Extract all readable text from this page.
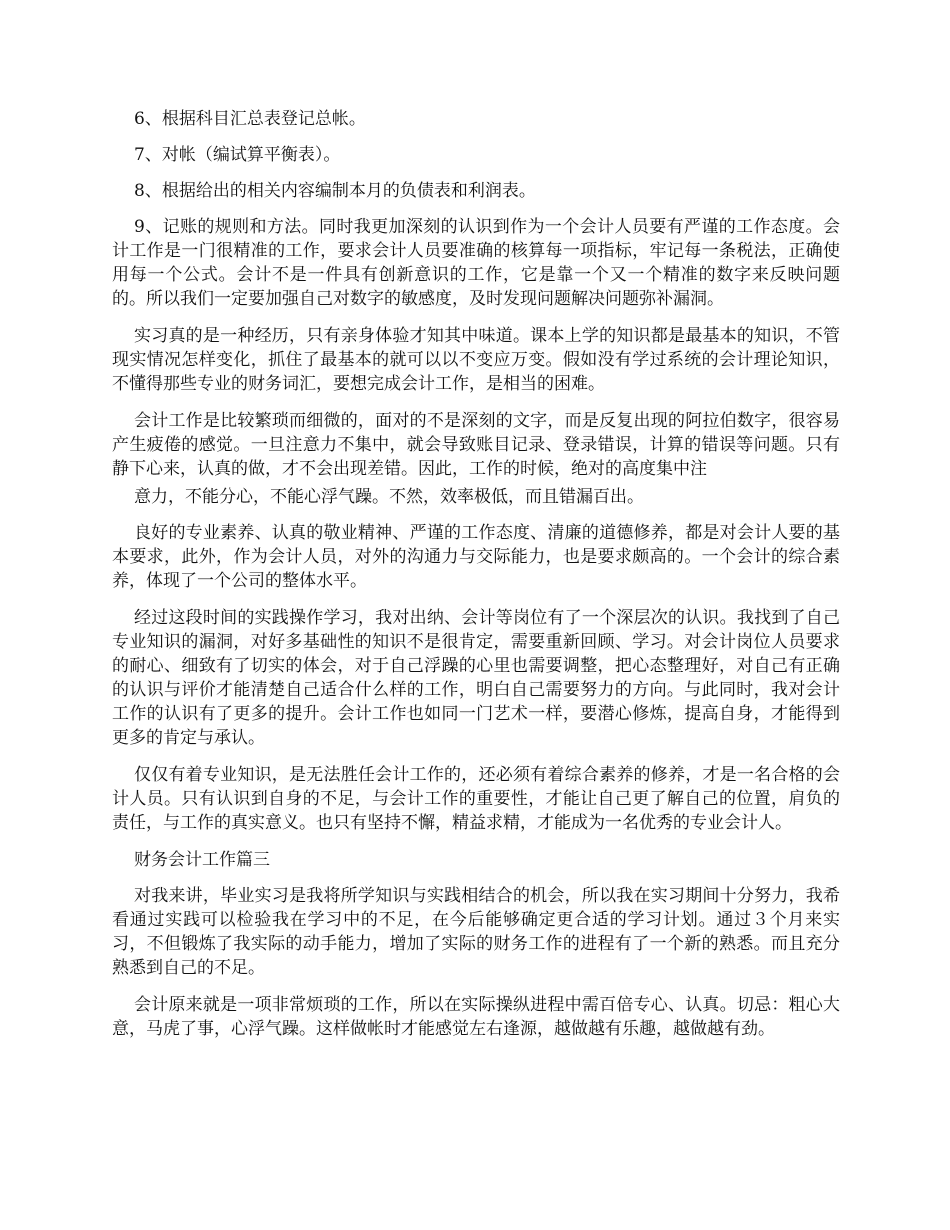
6、根据科目汇总表登记总帐。

7、对帐（编试算平衡表）。

8、根据给出的相关内容编制本月的负债表和利润表。

9、记账的规则和方法。同时我更加深刻的认识到作为一个会计人员要有严谨的工作态度。会计工作是一门很精准的工作，要求会计人员要准确的核算每一项指标，牢记每一条税法，正确使用每一个公式。会计不是一件具有创新意识的工作，它是靠一个又一个精准的数字来反映问题的。所以我们一定要加强自己对数字的敏感度，及时发现问题解决问题弥补漏洞。

实习真的是一种经历，只有亲身体验才知其中味道。课本上学的知识都是最基本的知识，不管现实情况怎样变化，抓住了最基本的就可以以不变应万变。假如没有学过系统的会计理论知识，不懂得那些专业的财务词汇，要想完成会计工作，是相当的困难。

会计工作是比较繁琐而细微的，面对的不是深刻的文字，而是反复出现的阿拉伯数字，很容易产生疲倦的感觉。一旦注意力不集中，就会导致账目记录、登录错误，计算的错误等问题。只有静下心来，认真的做，才不会出现差错。因此，工作的时候，绝对的高度集中注

意力，不能分心，不能心浮气躁。不然，效率极低，而且错漏百出。

良好的专业素养、认真的敬业精神、严谨的工作态度、清廉的道德修养，都是对会计人要的基本要求，此外，作为会计人员，对外的沟通力与交际能力，也是要求颇高的。一个会计的综合素养，体现了一个公司的整体水平。

经过这段时间的实践操作学习，我对出纳、会计等岗位有了一个深层次的认识。我找到了自己专业知识的漏洞，对好多基础性的知识不是很肯定，需要重新回顾、学习。对会计岗位人员要求的耐心、细致有了切实的体会，对于自己浮躁的心里也需要调整，把心态整理好，对自己有正确的认识与评价才能清楚自己适合什么样的工作，明白自己需要努力的方向。与此同时，我对会计工作的认识有了更多的提升。会计工作也如同一门艺术一样，要潜心修炼，提高自身，才能得到更多的肯定与承认。

仅仅有着专业知识，是无法胜任会计工作的，还必须有着综合素养的修养，才是一名合格的会计人员。只有认识到自身的不足，与会计工作的重要性，才能让自己更了解自己的位置，肩负的责任，与工作的真实意义。也只有坚持不懈，精益求精，才能成为一名优秀的专业会计人。

财务会计工作篇三

对我来讲，毕业实习是我将所学知识与实践相结合的机会，所以我在实习期间十分努力，我希看通过实践可以检验我在学习中的不足，在今后能够确定更合适的学习计划。通过３个月来实习，不但锻炼了我实际的动手能力，增加了实际的财务工作的进程有了一个新的熟悉。而且充分熟悉到自己的不足。

会计原来就是一项非常烦琐的工作，所以在实际操纵进程中需百倍专心、认真。切忌：粗心大意，马虎了事，心浮气躁。这样做帐时才能感觉左右逢源，越做越有乐趣，越做越有劲。
